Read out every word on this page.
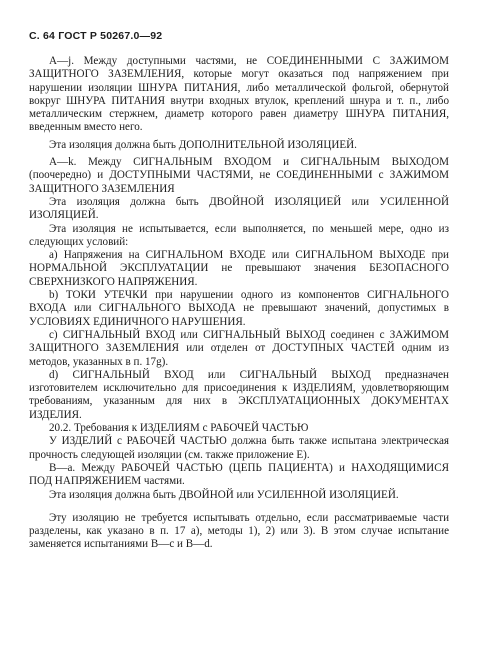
С. 64 ГОСТ Р 50267.0—92

А—j. Между доступными частями, не СОЕДИНЕННЫМИ С ЗАЖИМОМ ЗАЩИТНОГО ЗАЗЕМЛЕНИЯ, которые могут оказаться под напряжением при нарушении изоляции ШНУРА ПИТАНИЯ, либо металлической фольгой, обернутой вокруг ШНУРА ПИТАНИЯ внутри входных втулок, креплений шнура и т. п., либо металлическим стержнем, диаметр которого равен диаметру ШНУРА ПИТАНИЯ, введенным вместо него.

Эта изоляция должна быть ДОПОЛНИТЕЛЬНОЙ ИЗОЛЯЦИЕЙ.

А—k. Между СИГНАЛЬНЫМ ВХОДОМ и СИГНАЛЬНЫМ ВЫХОДОМ (поочередно) и ДОСТУПНЫМИ ЧАСТЯМИ, не СОЕДИНЕННЫМИ с ЗАЖИМОМ ЗАЩИТНОГО ЗАЗЕМЛЕНИЯ

Эта изоляция должна быть ДВОЙНОЙ ИЗОЛЯЦИЕЙ или УСИЛЕННОЙ ИЗОЛЯЦИЕЙ.

Эта изоляция не испытывается, если выполняется, по меньшей мере, одно из следующих условий:

a) Напряжения на СИГНАЛЬНОМ ВХОДЕ или СИГНАЛЬНОМ ВЫХОДЕ при НОРМАЛЬНОЙ ЭКСПЛУАТАЦИИ не превышают значения БЕЗОПАСНОГО СВЕРХНИЗКОГО НАПРЯЖЕНИЯ.

b) ТОКИ УТЕЧКИ при нарушении одного из компонентов СИГНАЛЬНОГО ВХОДА или СИГНАЛЬНОГО ВЫХОДА не превышают значений, допустимых в УСЛОВИЯХ ЕДИНИЧНОГО НАРУШЕНИЯ.

c) СИГНАЛЬНЫЙ ВХОД или СИГНАЛЬНЫЙ ВЫХОД соединен с ЗАЖИМОМ ЗАЩИТНОГО ЗАЗЕМЛЕНИЯ или отделен от ДОСТУПНЫХ ЧАСТЕЙ одним из методов, указанных в п. 17g).

d) СИГНАЛЬНЫЙ ВХОД или СИГНАЛЬНЫЙ ВЫХОД предназначен изготовителем исключительно для присоединения к ИЗДЕЛИЯМ, удовлетворяющим требованиям, указанным для них в ЭКСПЛУАТАЦИОННЫХ ДОКУМЕНТАХ ИЗДЕЛИЯ.

20.2. Требования к ИЗДЕЛИЯМ с РАБОЧЕЙ ЧАСТЬЮ

У ИЗДЕЛИЙ с РАБОЧЕЙ ЧАСТЬЮ должна быть также испытана электрическая прочность следующей изоляции (см. также приложение Е).

В—а. Между РАБОЧЕЙ ЧАСТЬЮ (ЦЕПЬ ПАЦИЕНТА) и НАХОДЯЩИМИСЯ ПОД НАПРЯЖЕНИЕМ частями.

Эта изоляция должна быть ДВОЙНОЙ или УСИЛЕННОЙ ИЗОЛЯЦИЕЙ.

Эту изоляцию не требуется испытывать отдельно, если рассматриваемые части разделены, как указано в п. 17 а), методы 1), 2) или 3). В этом случае испытание заменяется испытаниями В—с и В—d.
